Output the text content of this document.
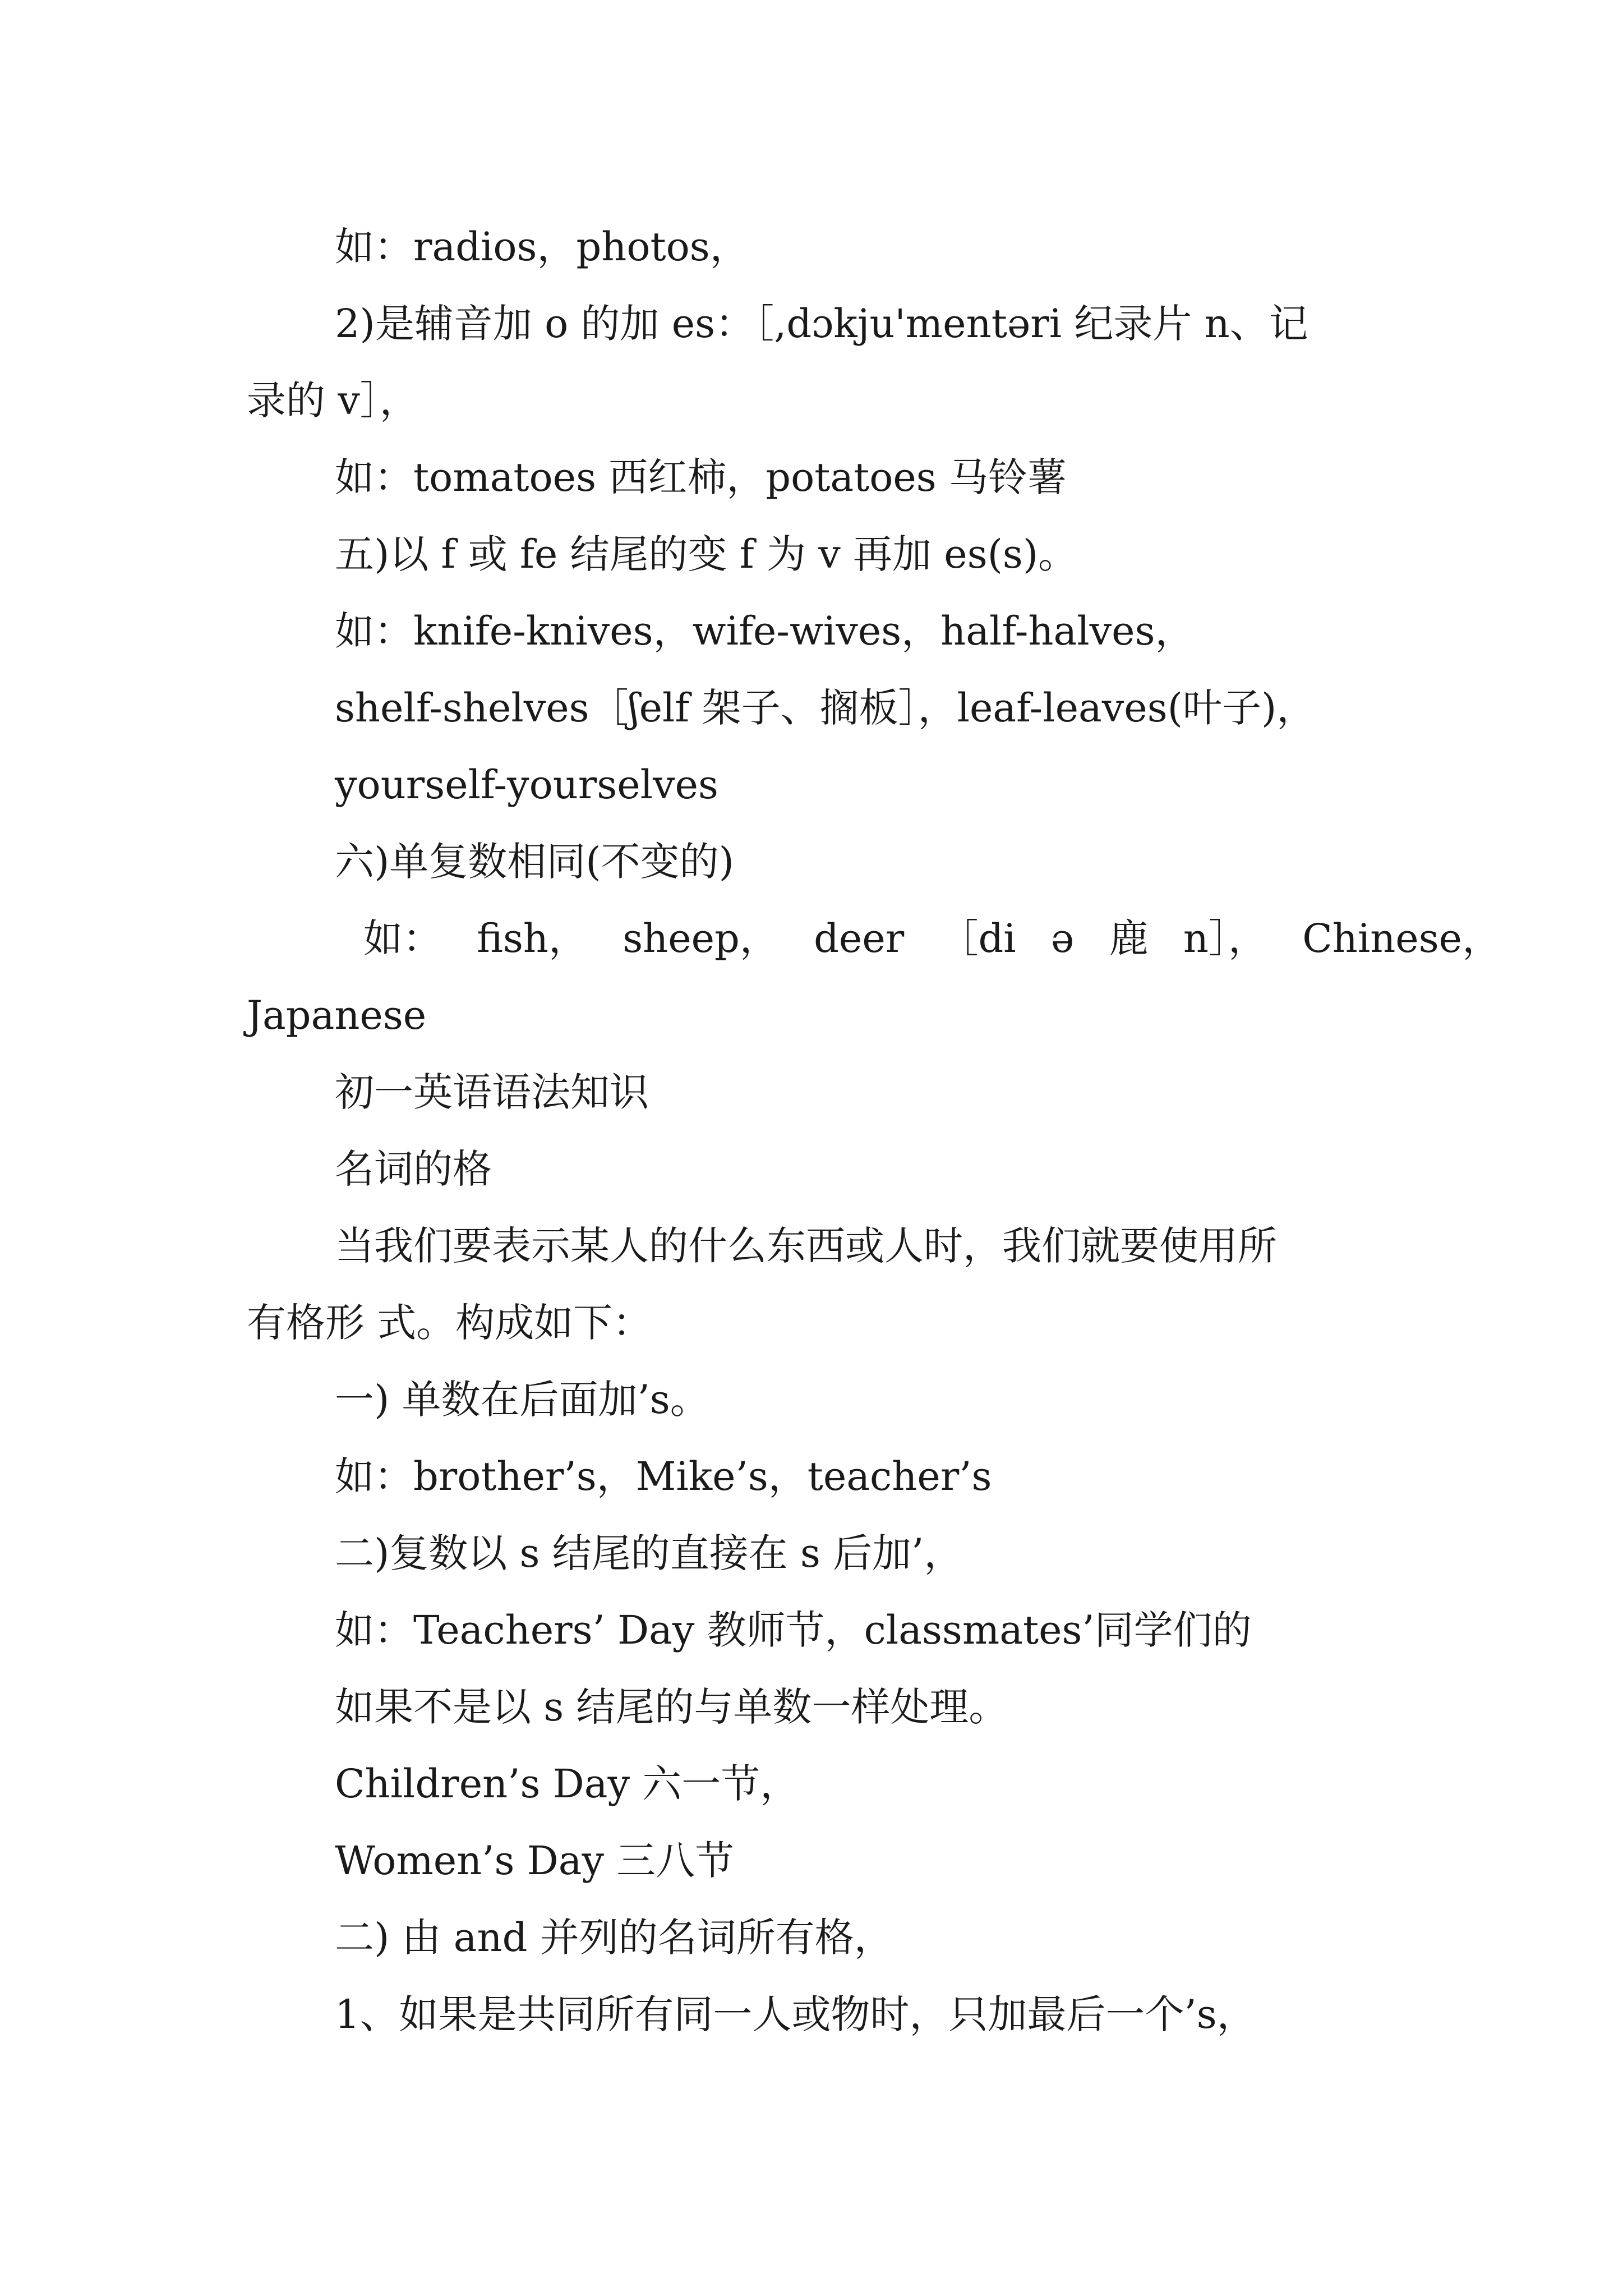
如：radios，photos，

2)是辅音加 o 的加 es：［,dɔkju'mentəri 纪录片 n、记

录的 v］，

如：tomatoes 西红柿，potatoes 马铃薯

五)以 f 或 fe 结尾的变 f 为 v 再加 es(s)。

如：knife-knives，wife-wives，half-halves，

shelf-shelves［ʃelf 架子、搁板］，leaf-leaves(叶子)，

yourself-yourselves

六)单复数相同(不变的)

如： fish， sheep， deer ［di ə 鹿 n］， Chinese，

Japanese

初一英语语法知识

名词的格

当我们要表示某人的什么东西或人时，我们就要使用所

有格形 式。构成如下：

一) 单数在后面加’s。

如：brother’s，Mike’s，teacher’s

二)复数以 s 结尾的直接在 s 后加’，

如：Teachers’ Day 教师节，classmates’同学们的

如果不是以 s 结尾的与单数一样处理。

Children’s Day 六一节，

Women’s Day 三八节

二) 由 and 并列的名词所有格，

1、如果是共同所有同一人或物时，只加最后一个’s，
